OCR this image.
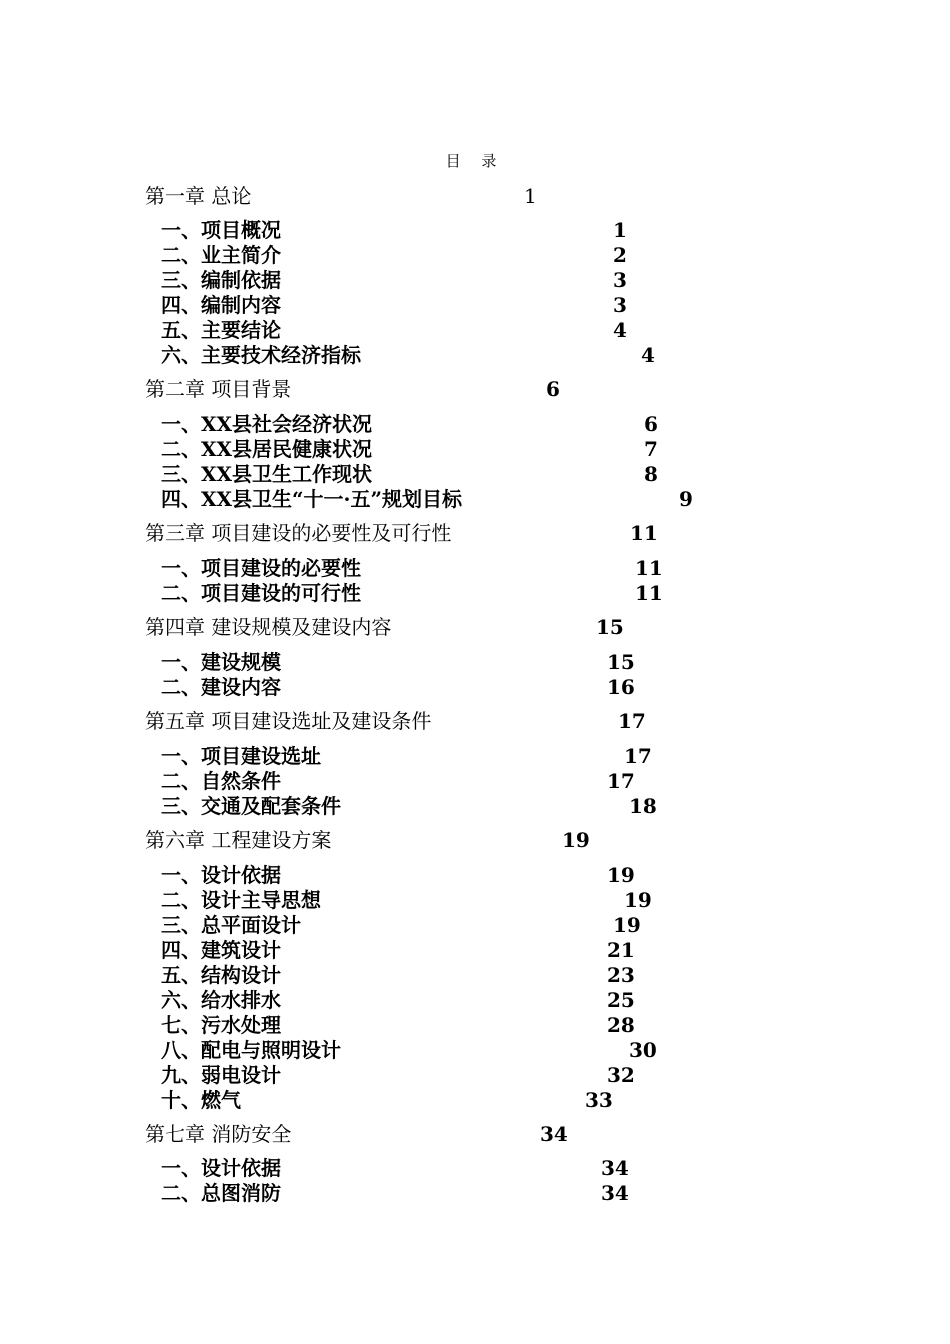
目 录
第一章 总论	1
一、项目概况	1
二、业主简介	2
三、编制依据	3
四、编制内容	3
五、主要结论	4
六、主要技术经济指标	4
第二章 项目背景	6
一、XX县社会经济状况	6
二、XX县居民健康状况	7
三、XX县卫生工作现状	8
四、XX县卫生“十一·五”规划目标	9
第三章 项目建设的必要性及可行性	11
一、项目建设的必要性	11
二、项目建设的可行性	11
第四章 建设规模及建设内容	15
一、建设规模	15
二、建设内容	16
第五章 项目建设选址及建设条件	17
一、项目建设选址	17
二、自然条件	17
三、交通及配套条件	18
第六章 工程建设方案	19
一、设计依据	19
二、设计主导思想	19
三、总平面设计	19
四、建筑设计	21
五、结构设计	23
六、给水排水	25
七、污水处理	28
八、配电与照明设计	30
九、弱电设计	32
十、燃气	33
第七章 消防安全	34
一、设计依据	34
二、总图消防	34
